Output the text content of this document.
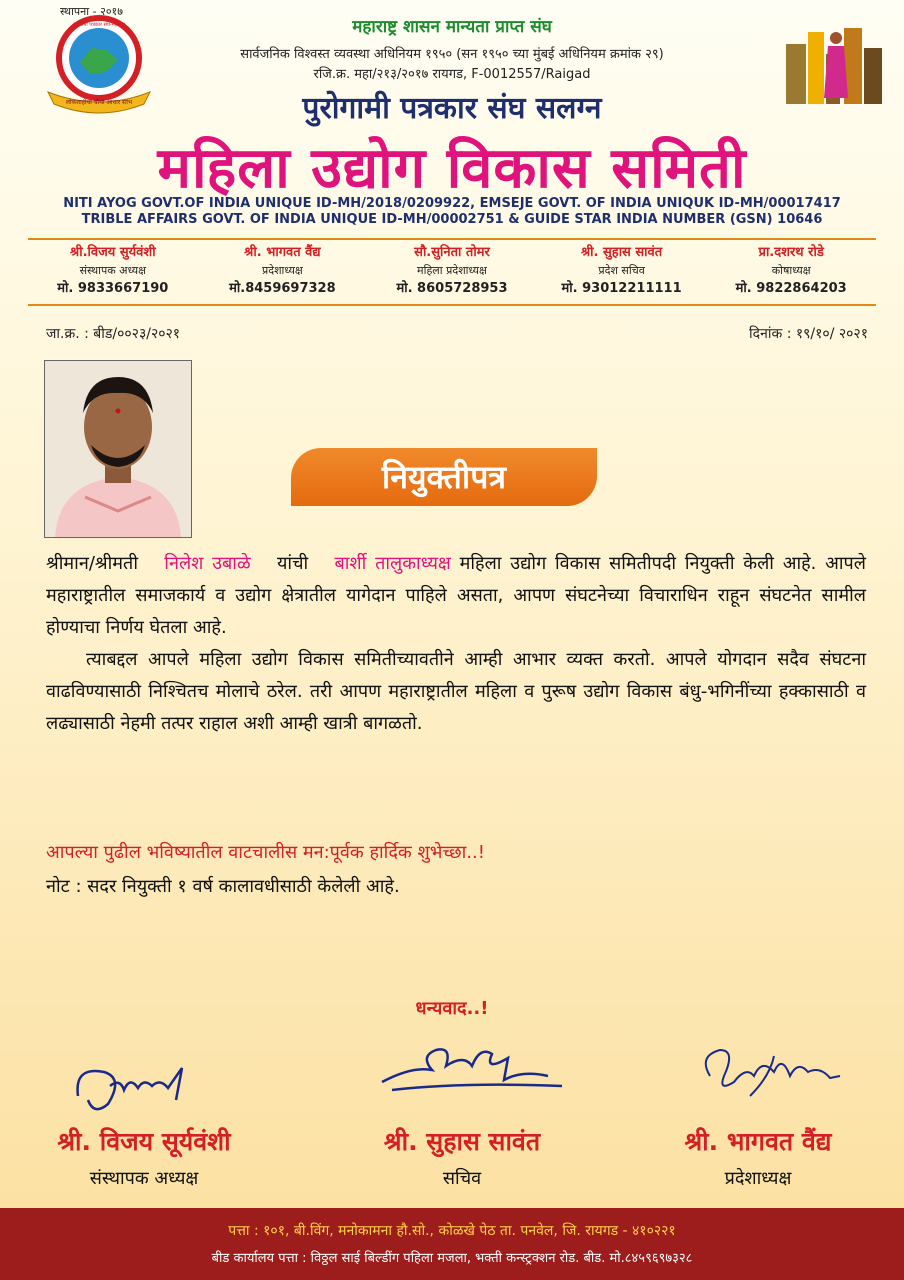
स्थापना - २०१७
लोकशाहीचा चौथा आधार स्तंभ
पुरोगामी पत्रकार संघ-महाराष्ट्र	महाराष्ट्र शासन मान्यता प्राप्त संघ
सार्वजनिक विश्वस्त व्यवस्था अधिनियम १९५० (सन १९५० च्या मुंबई अधिनियम क्रमांक २९)
रजि.क्र. महा/२१३/२०१७ रायगड, F-0012557/Raigad
पुरोगामी पत्रकार संघ सलग्न
महिला उद्योग विकास समिती
NITI AYOG GOVT.OF INDIA UNIQUE ID-MH/2018/0209922, EMSEJE GOVT. OF INDIA UNIQUK ID-MH/00017417
TRIBLE AFFAIRS GOVT. OF INDIA UNIQUE ID-MH/00002751 & GUIDE STAR INDIA NUMBER (GSN) 10646
श्री.विजय सुर्यवंशी
संस्थापक अध्यक्ष
मो. 9833667190
श्री. भागवत वैंद्य
प्रदेशाध्यक्ष
मो.8459697328
सौ.सुनिता तोमर
महिला प्रदेशाध्यक्ष
मो. 8605728953
श्री. सुहास सावंत
प्रदेश सचिव
मो. 93012211111
प्रा.दशरथ रोडे
कोषाध्यक्ष
मो. 9822864203
जा.क्र. : बीड/००२३/२०२१	दिनांक : १९/१०/ २०२१
नियुक्तीपत्र

श्रीमान/श्रीमती निलेश उबाळे यांची बार्शी तालुकाध्यक्ष महिला उद्योग विकास समितीपदी नियुक्ती केली आहे. आपले महाराष्ट्रातील समाजकार्य व उद्योग क्षेत्रातील यागेदान पाहिले असता, आपण संघटनेच्या विचाराधिन राहून संघटनेत सामील होण्याचा निर्णय घेतला आहे.

त्याबद्दल आपले महिला उद्योग विकास समितीच्यावतीने आम्ही आभार व्यक्त करतो. आपले योगदान सदैव संघटना वाढविण्यासाठी निश्‍चितच मोलाचे ठरेल. तरी आपण महाराष्ट्रातील महिला व पुरूष उद्योग विकास बंधु-भगिनींच्या हक्कासाठी व लढ्यासाठी नेहमी तत्पर राहाल अशी आम्ही खात्री बागळतो.

आपल्या पुढील भविष्यातील वाटचालीस मन:पूर्वक हार्दिक शुभेच्छा..!
नोट : सदर नियुक्ती १ वर्ष कालावधीसाठी केलेली आहे.
धन्यवाद..!
श्री. विजय सूर्यवंशी
संस्थापक अध्यक्ष
श्री. सुहास सावंत
सचिव
श्री. भागवत वैंद्य
प्रदेशाध्यक्ष
पत्ता : १०१, बी.विंग, मनोकामना हौ.सो., कोळखे पेठ ता. पनवेल, जि. रायगड - ४१०२२१
बीड कार्यालय पत्ता : विठ्ठल साई बिल्डींग पहिला मजला, भक्ती कन्स्ट्रक्शन रोड. बीड. मो.८४५९६९७३२८
